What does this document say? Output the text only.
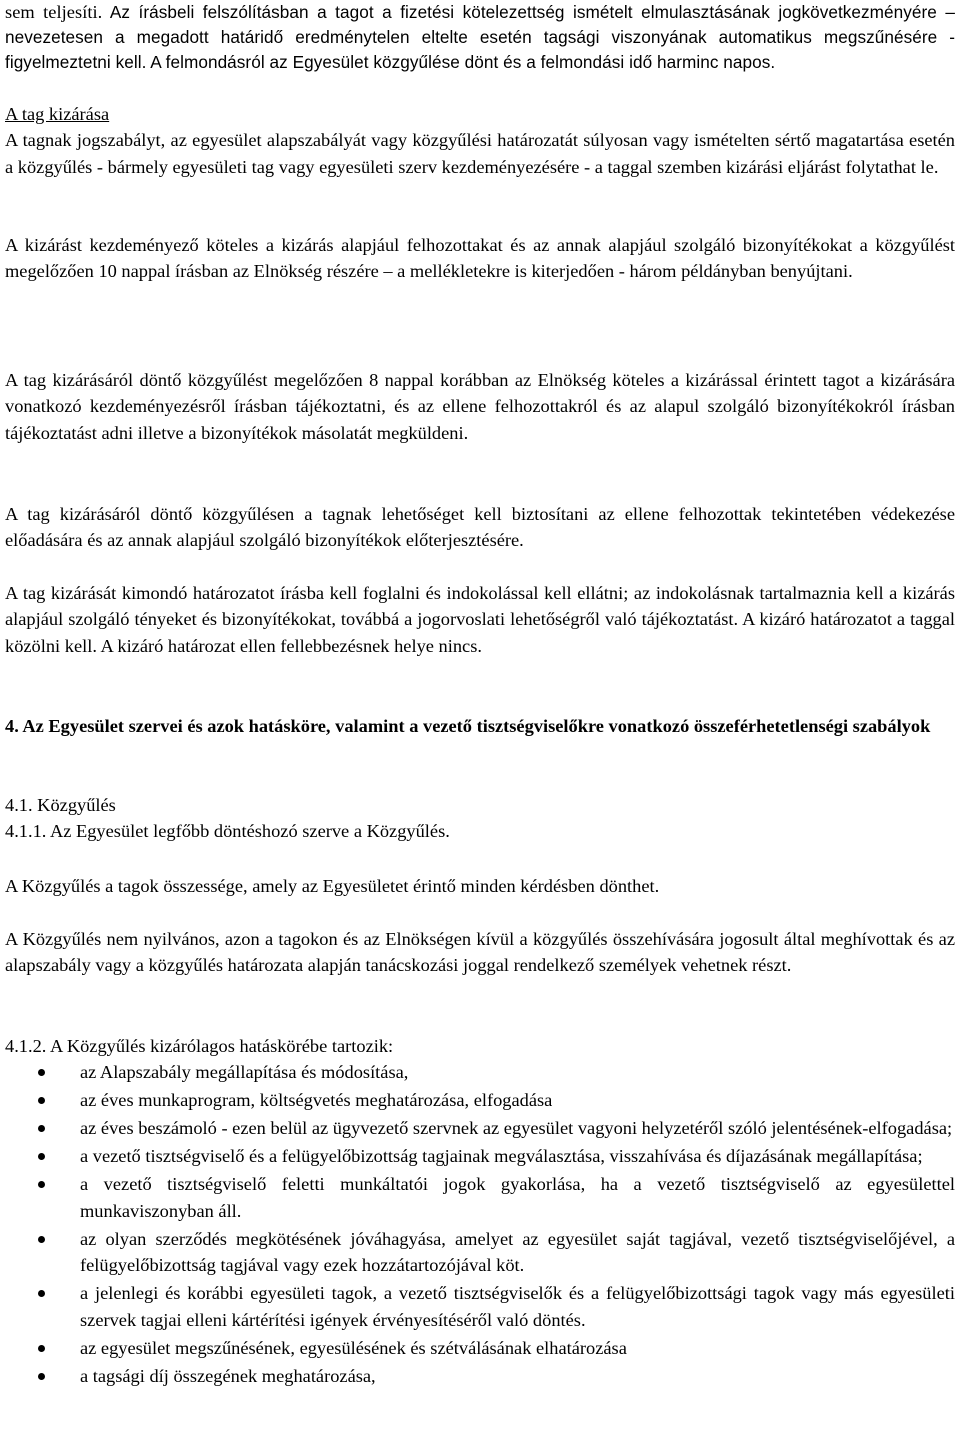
sem teljesíti. Az írásbeli felszólításban a tagot a fizetési kötelezettség ismételt elmulasztásának jogkövetkezményére – nevezetesen a megadott határidő eredménytelen eltelte esetén tagsági viszonyának automatikus megszűnésére - figyelmeztetni kell. A felmondásról az Egyesület közgyűlése dönt és a felmondási idő harminc napos.

A tag kizárása
A tagnak jogszabályt, az egyesület alapszabályát vagy közgyűlési határozatát súlyosan vagy ismételten sértő magatartása esetén a közgyűlés - bármely egyesületi tag vagy egyesületi szerv kezdeményezésére - a taggal szemben kizárási eljárást folytathat le.

A kizárást kezdeményező köteles a kizárás alapjául felhozottakat és az annak alapjául szolgáló bizonyítékokat a közgyűlést megelőzően 10 nappal írásban az Elnökség részére – a mellékletekre is kiterjedően - három példányban benyújtani.

A tag kizárásáról döntő közgyűlést megelőzően 8 nappal korábban az Elnökség köteles a kizárással érintett tagot a kizárására vonatkozó kezdeményezésről írásban tájékoztatni, és az ellene felhozottakról és az alapul szolgáló bizonyítékokról írásban tájékoztatást adni illetve a bizonyítékok másolatát megküldeni.

A tag kizárásáról döntő közgyűlésen a tagnak lehetőséget kell biztosítani az ellene felhozottak tekintetében védekezése előadására és az annak alapjául szolgáló bizonyítékok előterjesztésére.

A tag kizárását kimondó határozatot írásba kell foglalni és indokolással kell ellátni; az indokolásnak tartalmaznia kell a kizárás alapjául szolgáló tényeket és bizonyítékokat, továbbá a jogorvoslati lehetőségről való tájékoztatást. A kizáró határozatot a taggal közölni kell. A kizáró határozat ellen fellebbezésnek helye nincs.

4. Az Egyesület szervei és azok hatásköre, valamint a vezető tisztségviselőkre vonatkozó összeférhetetlenségi szabályok

4.1. Közgyűlés
4.1.1. Az Egyesület legfőbb döntéshozó szerve a Közgyűlés.

A Közgyűlés a tagok összessége, amely az Egyesületet érintő minden kérdésben dönthet.

A Közgyűlés nem nyilvános, azon a tagokon és az Elnökségen kívül a közgyűlés összehívására jogosult által meghívottak és az alapszabály vagy a közgyűlés határozata alapján tanácskozási joggal rendelkező személyek vehetnek részt.

4.1.2. A Közgyűlés kizárólagos hatáskörébe tartozik:

az Alapszabály megállapítása és módosítása,
az éves munkaprogram, költségvetés meghatározása, elfogadása
az éves beszámoló - ezen belül az ügyvezető szervnek az egyesület vagyoni helyzetéről szóló jelentésének-elfogadása;
a vezető tisztségviselő és a felügyelőbizottság tagjainak megválasztása, visszahívása és díjazásának megállapítása;
a vezető tisztségviselő feletti munkáltatói jogok gyakorlása, ha a vezető tisztségviselő az egyesülettel munkaviszonyban áll.
az olyan szerződés megkötésének jóváhagyása, amelyet az egyesület saját tagjával, vezető tisztségviselőjével, a felügyelőbizottság tagjával vagy ezek hozzátartozójával köt.
a jelenlegi és korábbi egyesületi tagok, a vezető tisztségviselők és a felügyelőbizottsági tagok vagy más egyesületi szervek tagjai elleni kártérítési igények érvényesítéséről való döntés.
az egyesület megszűnésének, egyesülésének és szétválásának elhatározása
a tagsági díj összegének meghatározása,
